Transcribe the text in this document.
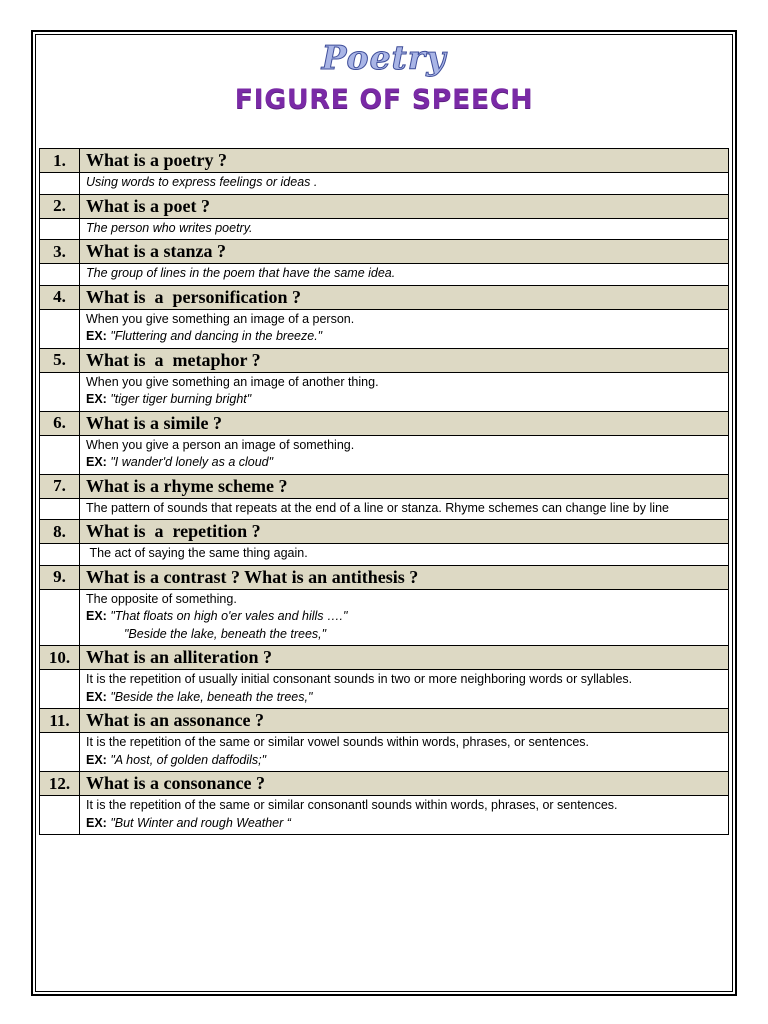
Poetry
FIGURE OF SPEECH
1.	What is a poetry ?
	Using words to express feelings or ideas .
2.	What is a poet ?
	The person who writes poetry.
3.	What is a stanza ?
	The group of lines in the poem that have the same idea.
4.	What is  a  personification ?

	When you give something an image of a person.
EX: "Fluttering and dancing in the breeze."

5.	What is  a  metaphor ?

	When you give something an image of another thing.
EX: "tiger tiger burning bright"

6.	What is a simile ?

	When you give a person an image of something.
EX: "I wander'd lonely as a cloud"

7.	What is a rhyme scheme ?
	The pattern of sounds that repeats at the end of a line or stanza. Rhyme schemes can change line by line
8.	What is  a  repetition ?
	The act of saying the same thing again.
9.	What is a contrast ? What is an antithesis ?

	The opposite of something.
EX: "That floats on high o'er vales and hills …."
"Beside the lake, beneath the trees,"

10.	What is an alliteration ?

	It is the repetition of usually initial consonant sounds in two or more neighboring words or syllables.
EX: "Beside the lake, beneath the trees,"

11.	What is an assonance ?

	It is the repetition of the same or similar vowel sounds within words, phrases, or sentences.
EX: "A host, of golden daffodils;"

12.	What is a consonance ?

	It is the repetition of the same or similar consonantl sounds within words, phrases, or sentences.
EX: "But Winter and rough Weather “
